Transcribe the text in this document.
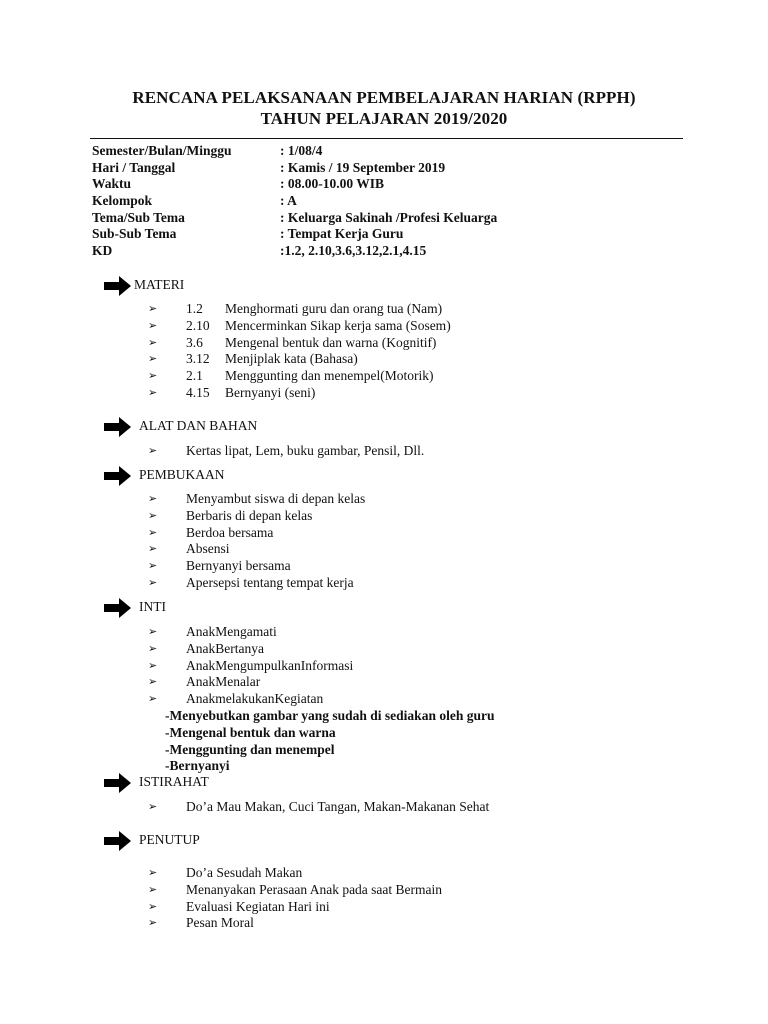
RENCANA PELAKSANAAN PEMBELAJARAN HARIAN (RPPH)
TAHUN PELAJARAN 2019/2020
Semester/Bulan/Minggu	: 1/08/4
Hari / Tanggal	: Kamis / 19 September 2019
Waktu	: 08.00-10.00 WIB
Kelompok	: A
Tema/Sub Tema	: Keluarga Sakinah /Profesi Keluarga
Sub-Sub Tema	: Tempat Kerja Guru
KD	:1.2, 2.10,3.6,3.12,2.1,4.15
MATERI
➢ 1.2 Menghormati guru dan orang tua (Nam)
➢ 2.10 Mencerminkan Sikap kerja sama (Sosem)
➢ 3.6 Mengenal bentuk dan warna (Kognitif)
➢ 3.12 Menjiplak kata (Bahasa)
➢ 2.1 Menggunting dan menempel(Motorik)
➢ 4.15 Bernyanyi (seni)
ALAT DAN BAHAN
➢ Kertas lipat, Lem, buku gambar, Pensil, Dll.
PEMBUKAAN
➢ Menyambut siswa di depan kelas
➢ Berbaris di depan kelas
➢ Berdoa bersama
➢ Absensi
➢ Bernyanyi bersama
➢ Apersepsi tentang tempat kerja
INTI
➢ AnakMengamati
➢ AnakBertanya
➢ AnakMengumpulkanInformasi
➢ AnakMenalar
➢ AnakmelakukanKegiatan
-Menyebutkan gambar yang sudah di sediakan oleh guru
-Mengenal bentuk dan warna
-Menggunting dan menempel
-Bernyanyi
ISTIRAHAT
➢ Do’a Mau Makan, Cuci Tangan, Makan-Makanan Sehat
PENUTUP
➢ Do’a Sesudah Makan
➢ Menanyakan Perasaan Anak pada saat Bermain
➢ Evaluasi Kegiatan Hari ini
➢ Pesan Moral
